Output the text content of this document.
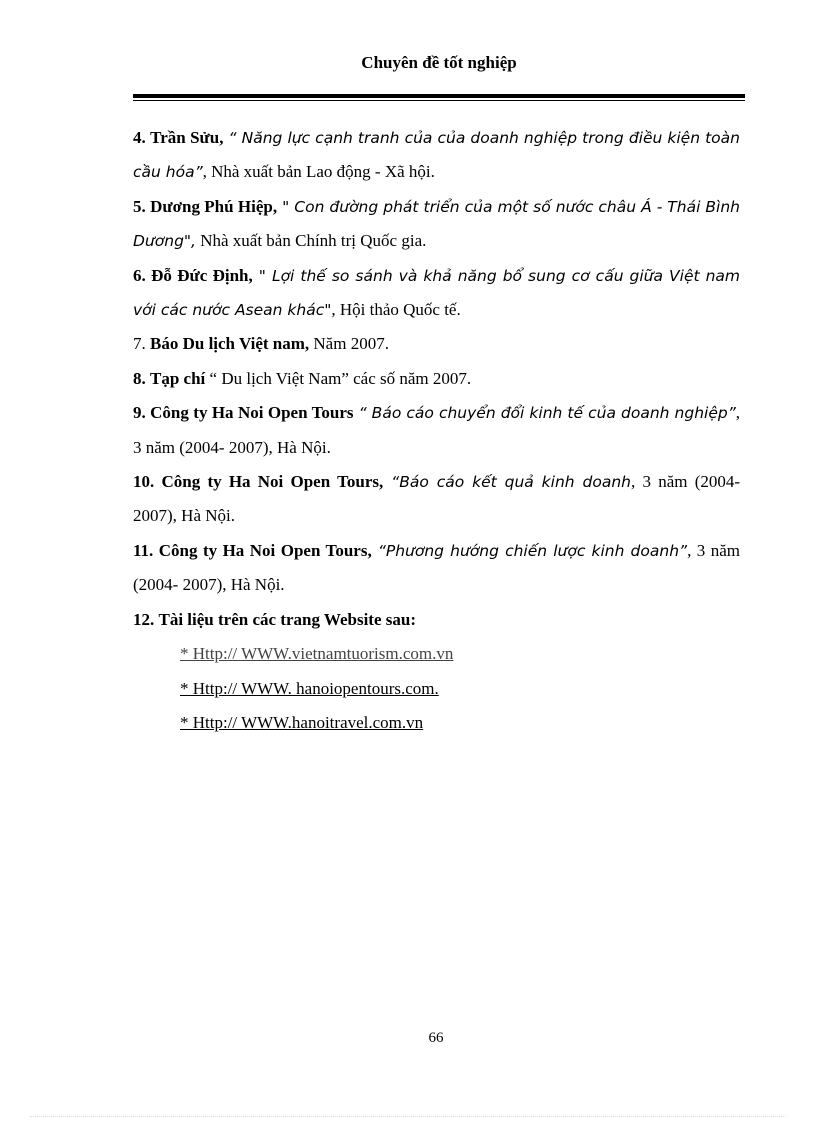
Chuyên đề tốt nghiệp

4. Trần Sửu, “ Năng lực cạnh tranh của của doanh nghiệp trong điều kiện toàn cầu hóa”, Nhà xuất bản Lao động - Xã hội.

5. Dương Phú Hiệp, " Con đường phát triển của một số nước châu Á - Thái Bình Dương", Nhà xuất bản Chính trị Quốc gia.

6. Đỗ Đức Định, " Lợi thế so sánh và khả năng bổ sung cơ cấu giữa Việt nam với các nước Asean khác", Hội thảo Quốc tế.

7. Báo Du lịch Việt nam, Năm 2007.

8. Tạp chí “ Du lịch Việt Nam” các số năm 2007.

9. Công ty Ha Noi Open Tours “ Báo cáo chuyển đổi kinh tế của doanh nghiệp”, 3 năm (2004- 2007), Hà Nội.

10. Công ty Ha Noi Open Tours, “Báo cáo kết quả kinh doanh, 3 năm (2004- 2007), Hà Nội.

11. Công ty Ha Noi Open Tours, “Phương hướng chiến lược kinh doanh”, 3 năm (2004- 2007), Hà Nội.

12. Tài liệu trên các trang Website sau:

* Http:// WWW.vietnamtuorism.com.vn

* Http:// WWW. hanoiopentours.com.

* Http:// WWW.hanoitravel.com.vn

66
